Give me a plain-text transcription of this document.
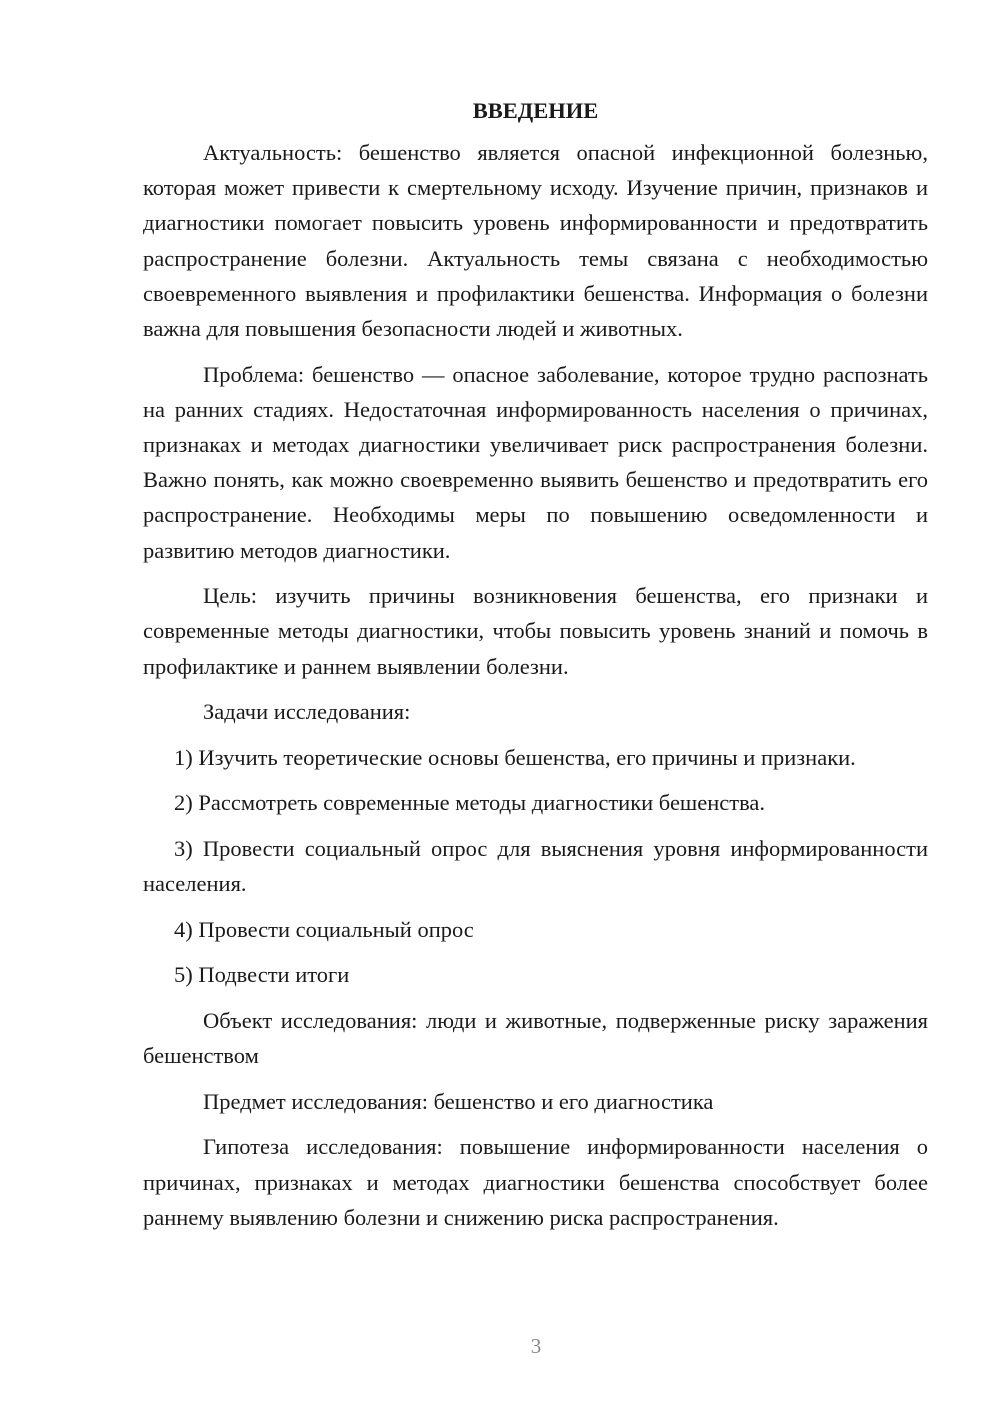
ВВЕДЕНИЕ

Актуальность: бешенство является опасной инфекционной болезнью, которая может привести к смертельному исходу. Изучение причин, признаков и диагностики помогает повысить уровень информированности и предотвратить распространение болезни. Актуальность темы связана с необходимостью своевременного выявления и профилактики бешенства. Информация о болезни важна для повышения безопасности людей и животных.

Проблема: бешенство — опасное заболевание, которое трудно распознать на ранних стадиях. Недостаточная информированность населения о причинах, признаках и методах диагностики увеличивает риск распространения болезни. Важно понять, как можно своевременно выявить бешенство и предотвратить его распространение. Необходимы меры по повышению осведомленности и развитию методов диагностики.

Цель: изучить причины возникновения бешенства, его признаки и современные методы диагностики, чтобы повысить уровень знаний и помочь в профилактике и раннем выявлении болезни.

Задачи исследования:

1) Изучить теоретические основы бешенства, его причины и признаки.

2) Рассмотреть современные методы диагностики бешенства.

3) Провести социальный опрос для выяснения уровня информированности населения.

4) Провести социальный опрос

5) Подвести итоги

Объект исследования: люди и животные, подверженные риску заражения бешенством

Предмет исследования: бешенство и его диагностика

Гипотеза исследования: повышение информированности населения о причинах, признаках и методах диагностики бешенства способствует более раннему выявлению болезни и снижению риска распространения.

3
